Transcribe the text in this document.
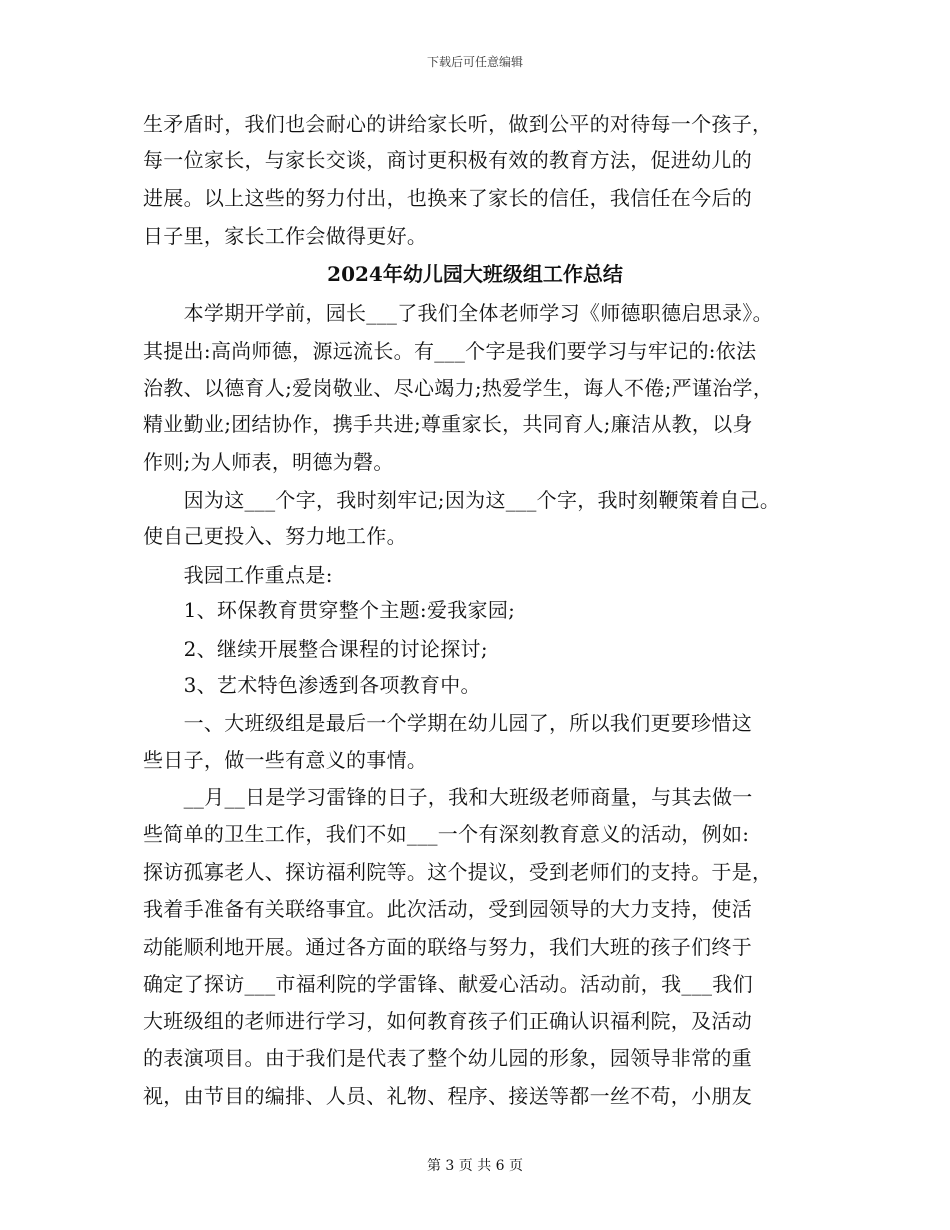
下载后可任意编辑
生矛盾时，我们也会耐心的讲给家长听，做到公平的对待每一个孩子，
每一位家长，与家长交谈，商讨更积极有效的教育方法，促进幼儿的
进展。以上这些的努力付出，也换来了家长的信任，我信任在今后的
日子里，家长工作会做得更好。
2024年幼儿园大班级组工作总结
　　本学期开学前，园长___了我们全体老师学习《师德职德启思录》。
其提出:高尚师德，源远流长。有___个字是我们要学习与牢记的:依法
治教、以德育人;爱岗敬业、尽心竭力;热爱学生，诲人不倦;严谨治学，
精业勤业;团结协作，携手共进;尊重家长，共同育人;廉洁从教，以身
作则;为人师表，明德为磬。
　　因为这___个字，我时刻牢记;因为这___个字，我时刻鞭策着自己。
使自己更投入、努力地工作。
　　我园工作重点是:
　　1、环保教育贯穿整个主题:爱我家园;
　　2、继续开展整合课程的讨论探讨;
　　3、艺术特色渗透到各项教育中。
　　一、大班级组是最后一个学期在幼儿园了，所以我们更要珍惜这
些日子，做一些有意义的事情。
　　__月__日是学习雷锋的日子，我和大班级老师商量，与其去做一
些简单的卫生工作，我们不如___一个有深刻教育意义的活动，例如:
探访孤寡老人、探访福利院等。这个提议，受到老师们的支持。于是，
我着手准备有关联络事宜。此次活动，受到园领导的大力支持，使活
动能顺利地开展。通过各方面的联络与努力，我们大班的孩子们终于
确定了探访___市福利院的学雷锋、献爱心活动。活动前，我___我们
大班级组的老师进行学习，如何教育孩子们正确认识福利院，及活动
的表演项目。由于我们是代表了整个幼儿园的形象，园领导非常的重
视，由节目的编排、人员、礼物、程序、接送等都一丝不苟，小朋友
第 3 页 共 6 页
